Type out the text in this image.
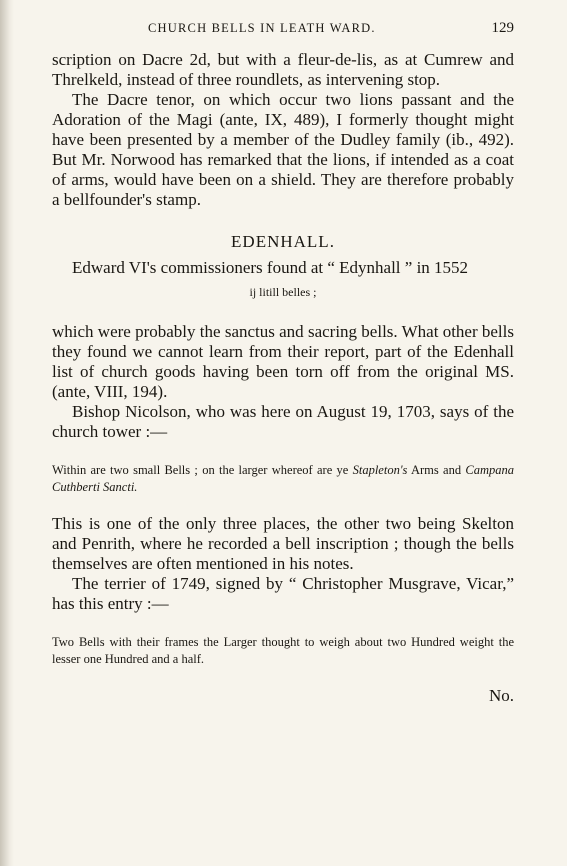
CHURCH BELLS IN LEATH WARD.	129

scription on Dacre 2d, but with a fleur-de-lis, as at Cumrew and Threlkeld, instead of three roundlets, as intervening stop.

The Dacre tenor, on which occur two lions passant and the Adoration of the Magi (ante, IX, 489), I formerly thought might have been presented by a member of the Dudley family (ib., 492). But Mr. Norwood has remarked that the lions, if intended as a coat of arms, would have been on a shield. They are therefore probably a bellfounder's stamp.

EDENHALL.

Edward VI's commissioners found at “ Edynhall ” in 1552

ij litill belles ;

which were probably the sanctus and sacring bells. What other bells they found we cannot learn from their report, part of the Edenhall list of church goods having been torn off from the original MS. (ante, VIII, 194).

Bishop Nicolson, who was here on August 19, 1703, says of the church tower :—

Within are two small Bells ; on the larger whereof are ye Stapleton's Arms and Campana Cuthberti Sancti.

This is one of the only three places, the other two being Skelton and Penrith, where he recorded a bell inscription ; though the bells themselves are often mentioned in his notes.

The terrier of 1749, signed by “ Christopher Musgrave, Vicar,” has this entry :—

Two Bells with their frames the Larger thought to weigh about two Hundred weight the lesser one Hundred and a half.
No.
